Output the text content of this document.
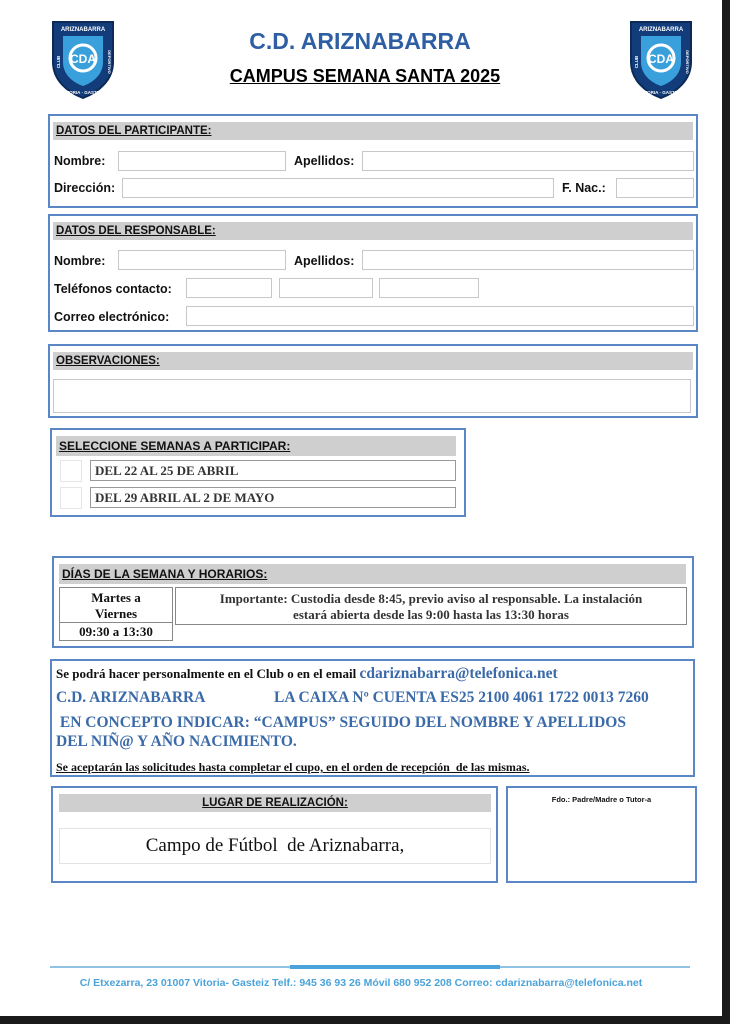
CDA
ARIZNABARRA
VITORIA · GASTEIZ
CLUB	DEPORTIVO	CDA
ARIZNABARRA
VITORIA · GASTEIZ
CLUB	DEPORTIVO
C.D. ARIZNABARRA
CAMPUS SEMANA SANTA 2025
DATOS DEL PARTICIPANTE:
Nombre:	Apellidos:
Dirección:	F. Nac.:
DATOS DEL RESPONSABLE:
Nombre:	Apellidos:
Teléfonos contacto:
Correo electrónico:
OBSERVACIONES:
SELECCIONE SEMANAS A PARTICIPAR:
DEL 22 AL 25 DE ABRIL
DEL 29 ABRIL AL 2 DE MAYO
DÍAS DE LA SEMANA Y HORARIOS:
Martes a
Viernes
09:30 a 13:30
Importante: Custodia desde 8:45, previo aviso al responsable. La instalación
estará abierta desde las 9:00 hasta las 13:30 horas
Se podrá hacer personalmente en el Club o en el email cdariznabarra@telefonica.net
C.D. ARIZNABARRA	LA CAIXA Nº CUENTA ES25 2100 4061 1722 0013 7260
EN CONCEPTO INDICAR: “CAMPUS” SEGUIDO DEL NOMBRE Y APELLIDOS
DEL NIÑ@ Y AÑO NACIMIENTO.
Se aceptarán las solicitudes hasta completar el cupo, en el orden de recepción  de las mismas.
LUGAR DE REALIZACIÓN:
Campo de Fútbol  de Ariznabarra,
Fdo.: Padre/Madre o Tutor-a
C/ Etxezarra, 23 01007 Vitoria- Gasteiz Telf.: 945 36 93 26 Móvil 680 952 208 Correo: cdariznabarra@telefonica.net
